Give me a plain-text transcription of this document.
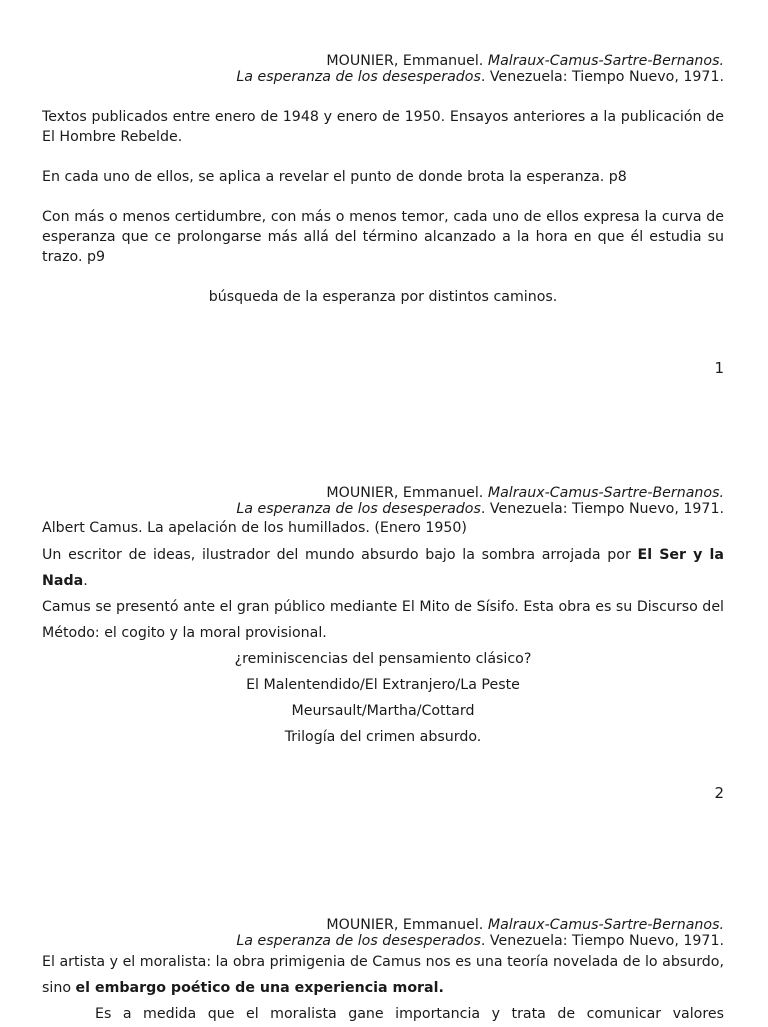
MOUNIER, Emmanuel. Malraux-Camus-Sartre-Bernanos.
La esperanza de los desesperados. Venezuela: Tiempo Nuevo, 1971.

Textos publicados entre enero de 1948 y enero de 1950. Ensayos anteriores a la publicación de El Hombre Rebelde.

En cada uno de ellos, se aplica a revelar el punto de donde brota la esperanza. p8

Con más o menos certidumbre, con más o menos temor, cada uno de ellos expresa la curva de esperanza que ce prolongarse más allá del término alcanzado a la hora en que él estudia su trazo. p9

búsqueda de la esperanza por distintos caminos.

1

MOUNIER, Emmanuel. Malraux-Camus-Sartre-Bernanos.
La esperanza de los desesperados. Venezuela: Tiempo Nuevo, 1971.

Albert Camus. La apelación de los humillados. (Enero 1950)

Un escritor de ideas, ilustrador del mundo absurdo bajo la sombra arrojada por El Ser y la Nada.

Camus se presentó ante el gran público mediante El Mito de Sísifo. Esta obra es su Discurso del Método: el cogito y la moral provisional.

¿reminiscencias del pensamiento clásico?

El Malentendido/El Extranjero/La Peste

Meursault/Martha/Cottard

Trilogía del crimen absurdo.

2

MOUNIER, Emmanuel. Malraux-Camus-Sartre-Bernanos.
La esperanza de los desesperados. Venezuela: Tiempo Nuevo, 1971.

El artista y el moralista: la obra primigenia de Camus nos es una teoría novelada de lo absurdo, sino el embargo poético de una experiencia moral.

Es a medida que el moralista gane importancia y trata de comunicar valores
